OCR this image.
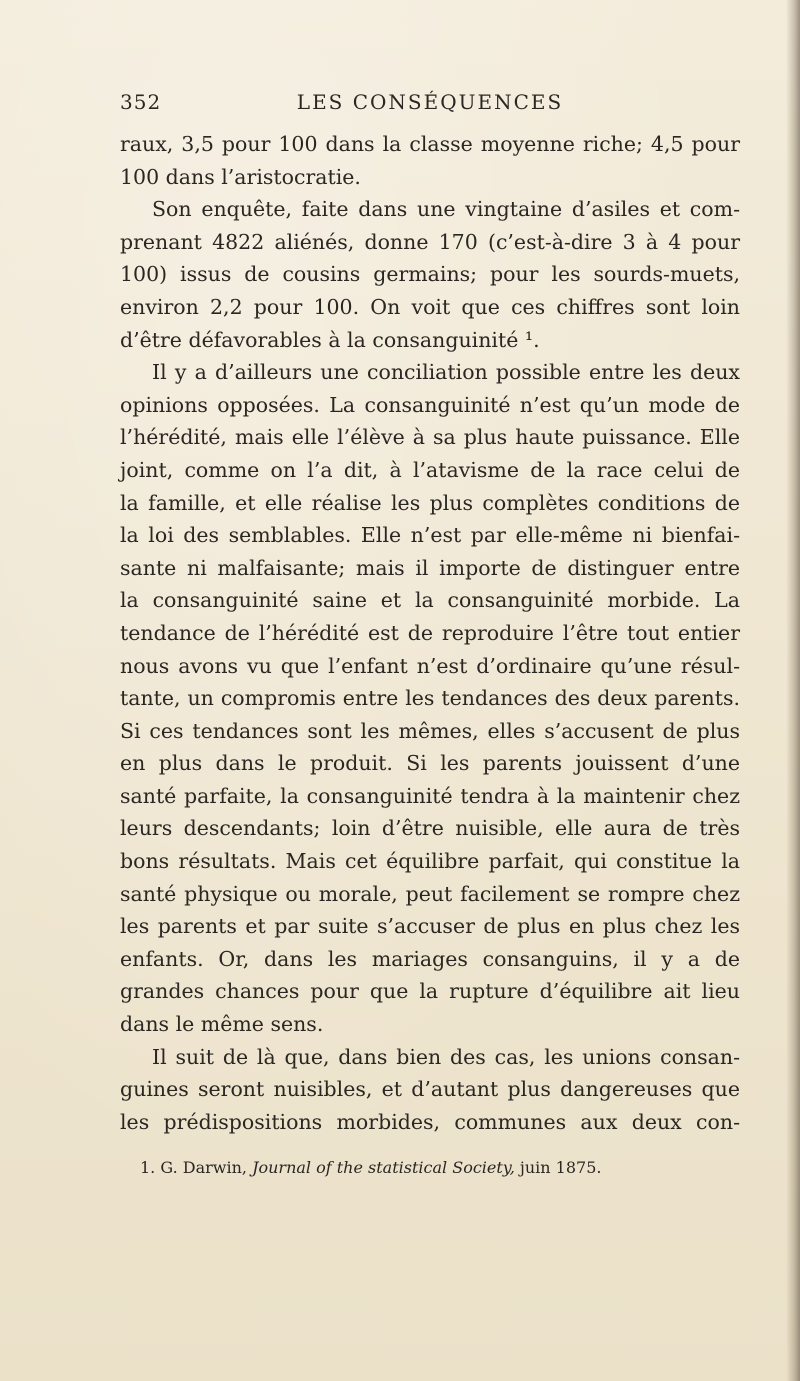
352	LES CONSÉQUENCES
raux, 3,5 pour 100 dans la classe moyenne riche; 4,5 pour
100 dans l’aristocratie.
Son enquête, faite dans une vingtaine d’asiles et com-
prenant 4822 aliénés, donne 170 (c’est-à-dire 3 à 4 pour
100) issus de cousins germains; pour les sourds-muets,
environ 2,2 pour 100. On voit que ces chiffres sont loin
d’être défavorables à la consanguinité ¹.
Il y a d’ailleurs une conciliation possible entre les deux
opinions opposées. La consanguinité n’est qu’un mode de
l’hérédité, mais elle l’élève à sa plus haute puissance. Elle
joint, comme on l’a dit, à l’atavisme de la race celui de
la famille, et elle réalise les plus complètes conditions de
la loi des semblables. Elle n’est par elle-même ni bienfai-
sante ni malfaisante; mais il importe de distinguer entre
la consanguinité saine et la consanguinité morbide. La
tendance de l’hérédité est de reproduire l’être tout entier
nous avons vu que l’enfant n’est d’ordinaire qu’une résul-
tante, un compromis entre les tendances des deux parents.
Si ces tendances sont les mêmes, elles s’accusent de plus
en plus dans le produit. Si les parents jouissent d’une
santé parfaite, la consanguinité tendra à la maintenir chez
leurs descendants; loin d’être nuisible, elle aura de très
bons résultats. Mais cet équilibre parfait, qui constitue la
santé physique ou morale, peut facilement se rompre chez
les parents et par suite s’accuser de plus en plus chez les
enfants. Or, dans les mariages consanguins, il y a de
grandes chances pour que la rupture d’équilibre ait lieu
dans le même sens.
Il suit de là que, dans bien des cas, les unions consan-
guines seront nuisibles, et d’autant plus dangereuses que
les prédispositions morbides, communes aux deux con-
1. G. Darwin, Journal of the statistical Society, juin 1875.
